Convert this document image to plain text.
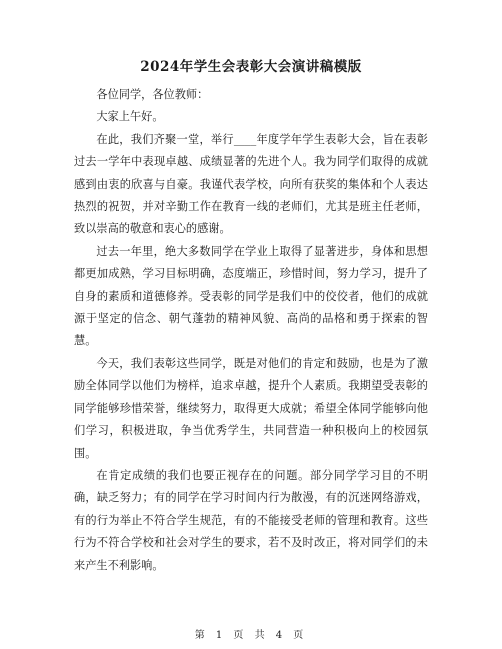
2024年学生会表彰大会演讲稿模版

各位同学，各位教师：

大家上午好。

在此，我们齐聚一堂，举行____年度学年学生表彰大会，旨在表彰过去一学年中表现卓越、成绩显著的先进个人。我为同学们取得的成就感到由衷的欣喜与自豪。我谨代表学校，向所有获奖的集体和个人表达热烈的祝贺，并对辛勤工作在教育一线的老师们，尤其是班主任老师，致以崇高的敬意和衷心的感谢。

过去一年里，绝大多数同学在学业上取得了显著进步，身体和思想都更加成熟，学习目标明确，态度端正，珍惜时间，努力学习，提升了自身的素质和道德修养。受表彰的同学是我们中的佼佼者，他们的成就源于坚定的信念、朝气蓬勃的精神风貌、高尚的品格和勇于探索的智慧。

今天，我们表彰这些同学，既是对他们的肯定和鼓励，也是为了激励全体同学以他们为榜样，追求卓越，提升个人素质。我期望受表彰的同学能够珍惜荣誉，继续努力，取得更大成就；希望全体同学能够向他们学习，积极进取，争当优秀学生，共同营造一种积极向上的校园氛围。

在肯定成绩的我们也要正视存在的问题。部分同学学习目的不明确，缺乏努力；有的同学在学习时间内行为散漫，有的沉迷网络游戏，有的行为举止不符合学生规范，有的不能接受老师的管理和教育。这些行为不符合学校和社会对学生的要求，若不及时改正，将对同学们的未来产生不利影响。

第 1 页 共 4 页
